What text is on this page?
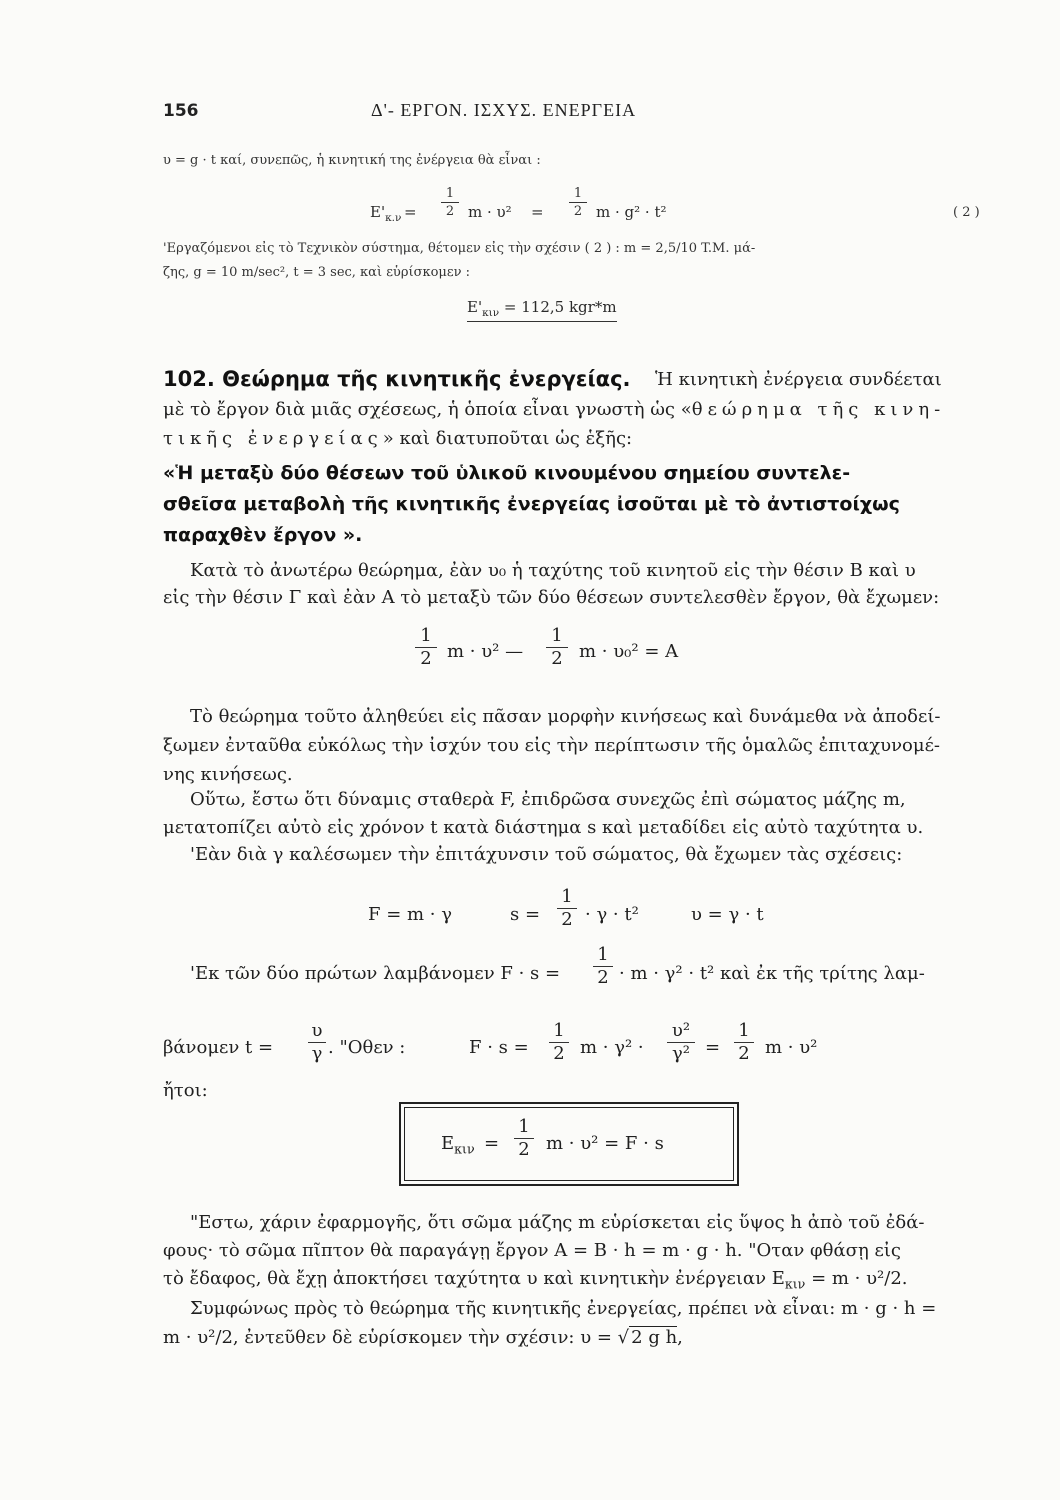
156	Δ'- ΕΡΓΟΝ. ΙΣΧΥΣ. ΕΝΕΡΓΕΙΑ
υ = g · t καί, συνεπῶς, ἡ κινητική της ἐνέργεια θὰ εἶναι :
$E'_{\kappa.\nu}$ =
1
2 m · υ² =
1
2 m · g² · t²	( 2 )
'Εργαζόμενοι εἰς τὸ Τεχνικὸν σύστημα, θέτομεν εἰς τὴν σχέσιν ( 2 ) : m = 2,5/10 T.M. μά-
ζης, g = 10 m/sec², t = 3 sec, καὶ εὑρίσκομεν :
$E'_{\kappa\iota\nu} = 112,5$ kgr*m
102. Θεώρημα τῆς κινητικῆς ἐνεργείας. Ἡ κινητικὴ ἐνέργεια συνδέεται
μὲ τὸ ἔργον διὰ μιᾶς σχέσεως, ἡ ὁποία εἶναι γνωστὴ ὡς «θεώρημα τῆς κινη-
τικῆς ἐνεργείας» καὶ διατυποῦται ὡς ἑξῆς:
«Ἡ μεταξὺ δύο θέσεων τοῦ ὑλικοῦ κινουμένου σημείου συντελε-
σθεῖσα μεταβολὴ τῆς κινητικῆς ἐνεργείας ἰσοῦται μὲ τὸ ἀντιστοίχως
παραχθὲν ἔργον ».
Κατὰ τὸ ἀνωτέρω θεώρημα, ἐὰν υ₀ ἡ ταχύτης τοῦ κινητοῦ εἰς τὴν θέσιν B καὶ υ
εἰς τὴν θέσιν Γ καὶ ἐὰν A τὸ μεταξὺ τῶν δύο θέσεων συντελεσθὲν ἔργον, θὰ ἔχωμεν:
1
2 m · υ² —
1
2 m · υ₀² = A
Τὸ θεώρημα τοῦτο ἀληθεύει εἰς πᾶσαν μορφὴν κινήσεως καὶ δυνάμεθα νὰ ἀποδεί-
ξωμεν ἐνταῦθα εὐκόλως τὴν ἰσχύν του εἰς τὴν περίπτωσιν τῆς ὁμαλῶς ἐπιταχυνομέ-
νης κινήσεως.
Οὕτω, ἔστω ὅτι δύναμις σταθερὰ F, ἐπιδρῶσα συνεχῶς ἐπὶ σώματος μάζης m,
μετατοπίζει αὐτὸ εἰς χρόνον t κατὰ διάστημα s καὶ μεταδίδει εἰς αὐτὸ ταχύτητα υ.
'Εὰν διὰ γ καλέσωμεν τὴν ἐπιτάχυνσιν τοῦ σώματος, θὰ ἔχωμεν τὰς σχέσεις:
F = m · γ	s =
1
2 · γ · t²	υ = γ · t
'Εκ τῶν δύο πρώτων λαμβάνομεν F · s =
1
2 · m · γ² · t² καὶ ἐκ τῆς τρίτης λαμ-
βάνομεν t =
υ
γ . "Οθεν :	F · s =
1
2 m · γ² ·
υ²
γ² =
1
2 m · υ²
ἤτοι:
$E_{\kappa\iota\nu}$ =
1
2 m · υ² = F · s
"Εστω, χάριν ἐφαρμογῆς, ὅτι σῶμα μάζης m εὑρίσκεται εἰς ὕψος h ἀπὸ τοῦ ἐδά-
φους· τὸ σῶμα πῖπτον θὰ παραγάγῃ ἔργον A = B · h = m · g · h. "Οταν φθάσῃ εἰς
τὸ ἔδαφος, θὰ ἔχῃ ἀποκτήσει ταχύτητα υ καὶ κινητικὴν ἐνέργειαν $E_{\kappa\iota\nu} = m \cdot \upsilon^2/2$.
Συμφώνως πρὸς τὸ θεώρημα τῆς κινητικῆς ἐνεργείας, πρέπει νὰ εἶναι: m · g · h =
m · υ²/2, ἐντεῦθεν δὲ εὑρίσκομεν τὴν σχέσιν: υ = √ 2 g h,
